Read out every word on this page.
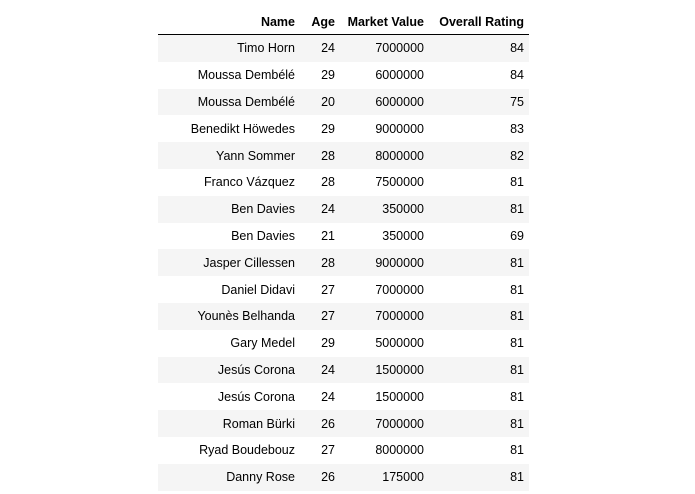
Name	Age	Market Value	Overall Rating
Timo Horn	24	7000000	84
Moussa Dembélé	29	6000000	84
Moussa Dembélé	20	6000000	75
Benedikt Höwedes	29	9000000	83
Yann Sommer	28	8000000	82
Franco Vázquez	28	7500000	81
Ben Davies	24	350000	81
Ben Davies	21	350000	69
Jasper Cillessen	28	9000000	81
Daniel Didavi	27	7000000	81
Younès Belhanda	27	7000000	81
Gary Medel	29	5000000	81
Jesús Corona	24	1500000	81
Jesús Corona	24	1500000	81
Roman Bürki	26	7000000	81
Ryad Boudebouz	27	8000000	81
Danny Rose	26	175000	81
